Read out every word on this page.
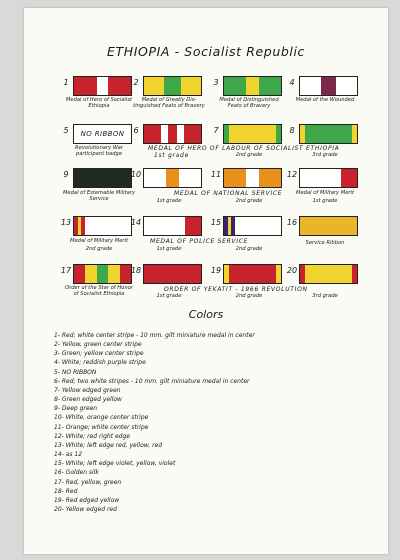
ETHIOPIA - Socialist Republic
1
Medal of Hero of Socialist Ethiopia
2
Medal of Greatly Dis-tinguished Feats of Bravery
3
Medal of Distinguished Feats of Bravery
4
Medal of the Wounded
5	NO RIBBON
Revolutionary War participant badge
6	7
2nd grade
8
3rd grade
MEDAL OF HERO OF LABOUR OF SOCIALIST ETHIOPIA
1st grade
9
Medal of Estemable Military Service
10
1st grade
11
2nd grade
12
Medal of Military Merit
1st grade
MEDAL OF NATIONAL SERVICE
13
Medal of Military Merit
2nd grade
14
1st grade
15
2nd grade
16
Service Ribbon
MEDAL OF POLICE SERVICE
17
Order of the Star of Honor of Socialist Ethiopia
18
1st grade
19
2nd grade
20
3rd grade
ORDER OF YEKATIT - 1966 REVOLUTION
Colors
1- Red; white center stripe - 10 mm. gilt miniature medal in center
2- Yellow, green center stripe
3- Green; yellow center stripe
4- White; reddish purple stripe
5- NO RIBBON
6- Red; two white stripes - 10 mm. gilt miniature medal in center
7- Yellow edged green
8- Green edged yellow
9- Deep green
10- White, orange center stripe
11- Orange; white center stripe
12- White; red right edge
13- White; left edge red, yellow, red
14- as 12
15- White; left edge violet, yellow, violet
16- Golden silk
17- Red, yellow, green
18- Red
19- Red edged yellow
20- Yellow edged red
